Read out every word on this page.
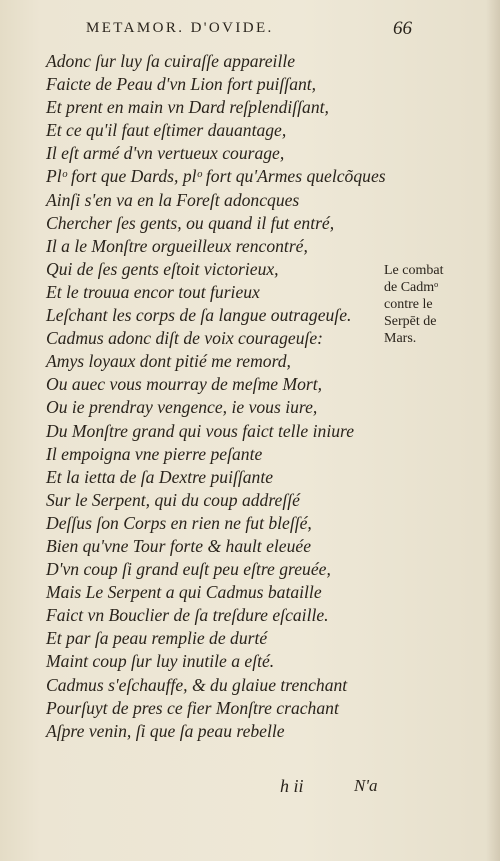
METAMOR. D'OVIDE.	66
Adonc ſur luy ſa cuiraſſe appareille
Faicte de Peau d'vn Lion fort puiſſant,
Et prent en main vn Dard reſplendiſſant,
Et ce qu'il faut eſtimer dauantage,
Il eſt armé d'vn vertueux courage,
Plᵒ fort que Dards, plᵒ fort qu'Armes quelcõques
Ainſi s'en va en la Foreſt adoncques
Chercher ſes gents, ou quand il fut entré,
Il a le Monſtre orgueilleux rencontré,
Qui de ſes gents eſtoit victorieux,
Et le trouua encor tout furieux
Leſchant les corps de ſa langue outrageuſe.
Cadmus adonc diſt de voix courageuſe:
Amys loyaux dont pitié me remord,
Ou auec vous mourray de meſme Mort,
Ou ie prendray vengence, ie vous iure,
Du Monſtre grand qui vous faict telle iniure
Il empoigna vne pierre peſante
Et la ietta de ſa Dextre puiſſante
Sur le Serpent, qui du coup addreſſé
Deſſus ſon Corps en rien ne fut bleſſé,
Bien qu'vne Tour forte & hault eleuée
D'vn coup ſi grand euſt peu eſtre greuée,
Mais Le Serpent a qui Cadmus bataille
Faict vn Bouclier de ſa treſdure eſcaille.
Et par ſa peau remplie de durté
Maint coup ſur luy inutile a eſté.
Cadmus s'eſchauffe, & du glaiue trenchant
Pourſuyt de pres ce fier Monſtre crachant
Aſpre venin, ſi que ſa peau rebelle
Le combat
de Cadmᵒ
contre le
Serpēt de
Mars.
h ii	N'a
